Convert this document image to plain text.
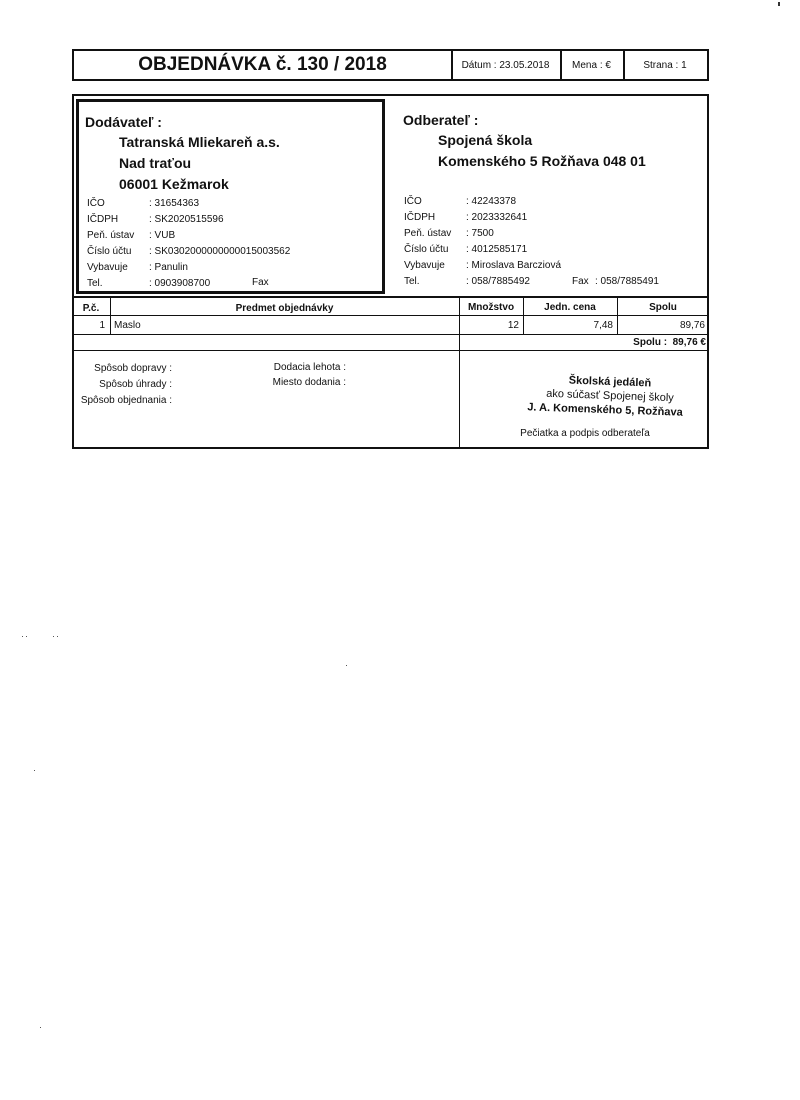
OBJEDNÁVKA č. 130 / 2018	Dátum : 23.05.2018 Mena : €	Strana : 1
Dodávateľ :
Tatranská Mliekareň a.s.
Nad traťou
06001 Kežmarok
IČO	: 31654363
IČDPH	: SK2020515596
Peň. ústav : VUB
Číslo účtu : SK0302000000000015003562
Vybavuje : Panulin
Tel.	: 0903908700	Fax
Odberateľ :
Spojená škola
Komenského 5 Rožňava 048 01
IČO	: 42243378
IČDPH	: 2023332641
Peň. ústav : 7500
Číslo účtu : 4012585171
Vybavuje : Miroslava Barcziová
Tel.	: 058/7885492	Fax : 058/7885491
P.č.	Predmet objednávky	Množstvo	Jedn. cena	Spolu
1 Maslo	12	7,48	89,76
Spolu : 89,76 €
Spôsob dopravy :
Spôsob úhrady :
Spôsob objednania :
Dodacia lehota :
Miesto dodania :	Školská jedáleň
ako súčasť Spojenej školy
J. A. Komenského 5, Rožňava
Pečiatka a podpis odberateľa
